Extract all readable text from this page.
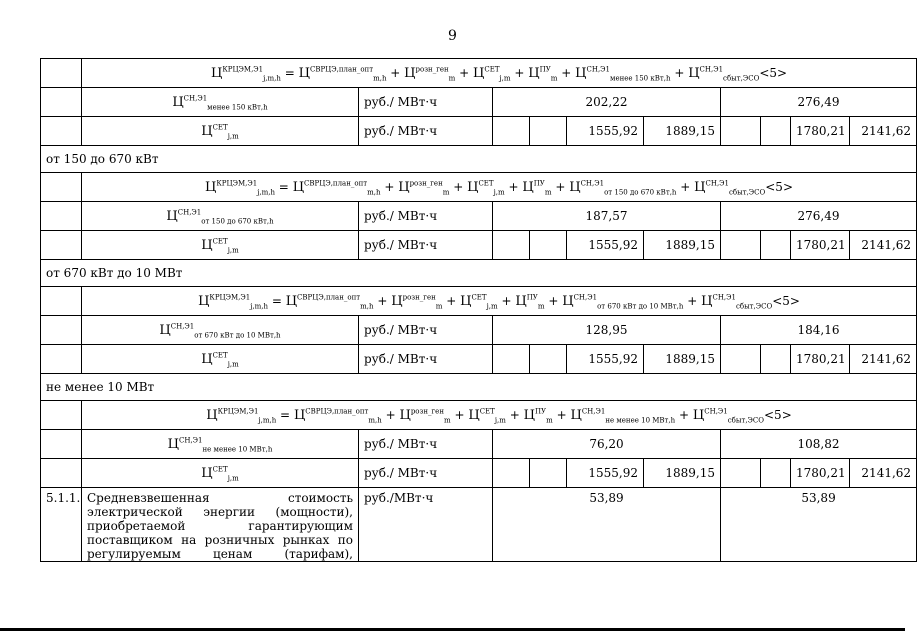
9
	$Ц^{КРЦЭМ,Э1}_{j,m,h} = Ц^{СВРЦЭ,план\_опт}_{m,h} + Ц^{розн\_ген}_m + Ц^{СЕТ}_{j,m} + Ц^{ПУ}_m + Ц^{СН,Э1}_{менее 150 кВт,h} + Ц^{СН,Э1}_{сбыт,ЭСО}<5>$									
	$Ц^{СН,Э1}_{менее 150 кВт,h}$	руб./ МВт·ч	202,22				276,49			
	$Ц^{СЕТ}_{j,m}$	руб./ МВт·ч			1555,92	1889,15			1780,21	2141,62
от 150 до 670 кВт										
	$Ц^{КРЦЭМ,Э1}_{j,m,h} = Ц^{СВРЦЭ,план\_опт}_{m,h} + Ц^{розн\_ген}_m + Ц^{СЕТ}_{j,m} + Ц^{ПУ}_m + Ц^{СН,Э1}_{от 150 до 670 кВт,h} + Ц^{СН,Э1}_{сбыт,ЭСО}<5>$									
	$Ц^{СН,Э1}_{от 150 до 670 кВт,h}$	руб./ МВт·ч	187,57				276,49			
	$Ц^{СЕТ}_{j,m}$	руб./ МВт·ч			1555,92	1889,15			1780,21	2141,62
от 670 кВт до 10 МВт										
	$Ц^{КРЦЭМ,Э1}_{j,m,h} = Ц^{СВРЦЭ,план\_опт}_{m,h} + Ц^{розн\_ген}_m + Ц^{СЕТ}_{j,m} + Ц^{ПУ}_m + Ц^{СН,Э1}_{от 670 кВт до 10 МВт,h} + Ц^{СН,Э1}_{сбыт,ЭСО}<5>$									
	$Ц^{СН,Э1}_{от 670 кВт до 10 МВт,h}$	руб./ МВт·ч	128,95				184,16			
	$Ц^{СЕТ}_{j,m}$	руб./ МВт·ч			1555,92	1889,15			1780,21	2141,62
не менее 10 МВт										
	$Ц^{КРЦЭМ,Э1}_{j,m,h} = Ц^{СВРЦЭ,план\_опт}_{m,h} + Ц^{розн\_ген}_m + Ц^{СЕТ}_{j,m} + Ц^{ПУ}_m + Ц^{СН,Э1}_{не менее 10 МВт,h} + Ц^{СН,Э1}_{сбыт,ЭСО}<5>$									
	$Ц^{СН,Э1}_{не менее 10 МВт,h}$	руб./ МВт·ч	76,20				108,82			
	$Ц^{СЕТ}_{j,m}$	руб./ МВт·ч			1555,92	1889,15			1780,21	2141,62
5.1.1.	Средневзвешенная стоимость электрической энергии (мощности), приобретаемой гарантирующим поставщиком на розничных рынках по регулируемым ценам (тарифам),	руб./МВт·ч	53,89				53,89			
